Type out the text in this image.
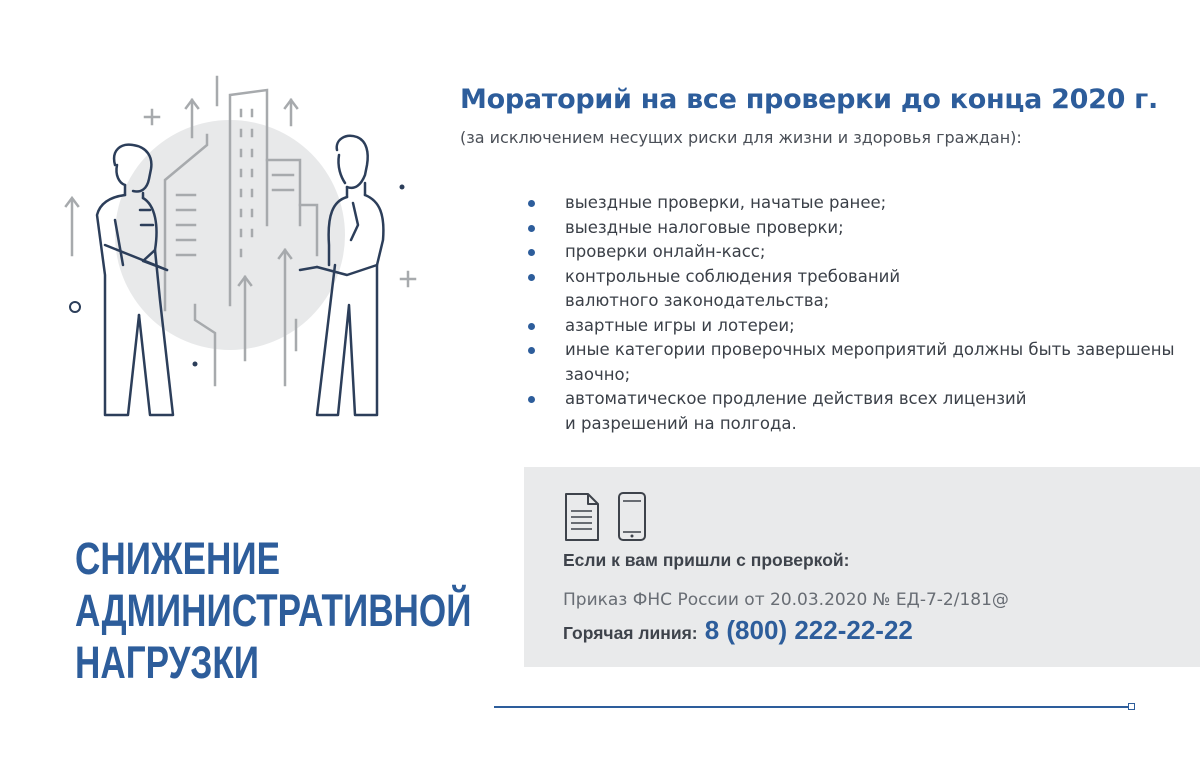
Мораторий на все проверки до конца 2020 г.
(за исключением несущих риски для жизни и здоровья граждан):
выездные проверки, начатые ранее;
выездные налоговые проверки;
проверки онлайн-касс;
контрольные соблюдения требований
валютного законодательства;
азартные игры и лотереи;
иные категории проверочных мероприятий должны быть завершены
заочно;
автоматическое продление действия всех лицензий
и разрешений на полгода.
Если к вам пришли с проверкой:
Приказ ФНС России от 20.03.2020 № ЕД-7-2/181@
Горячая линия: 8 (800) 222-22-22
СНИЖЕНИЕ
АДМИНИСТРАТИВНОЙ
НАГРУЗКИ
